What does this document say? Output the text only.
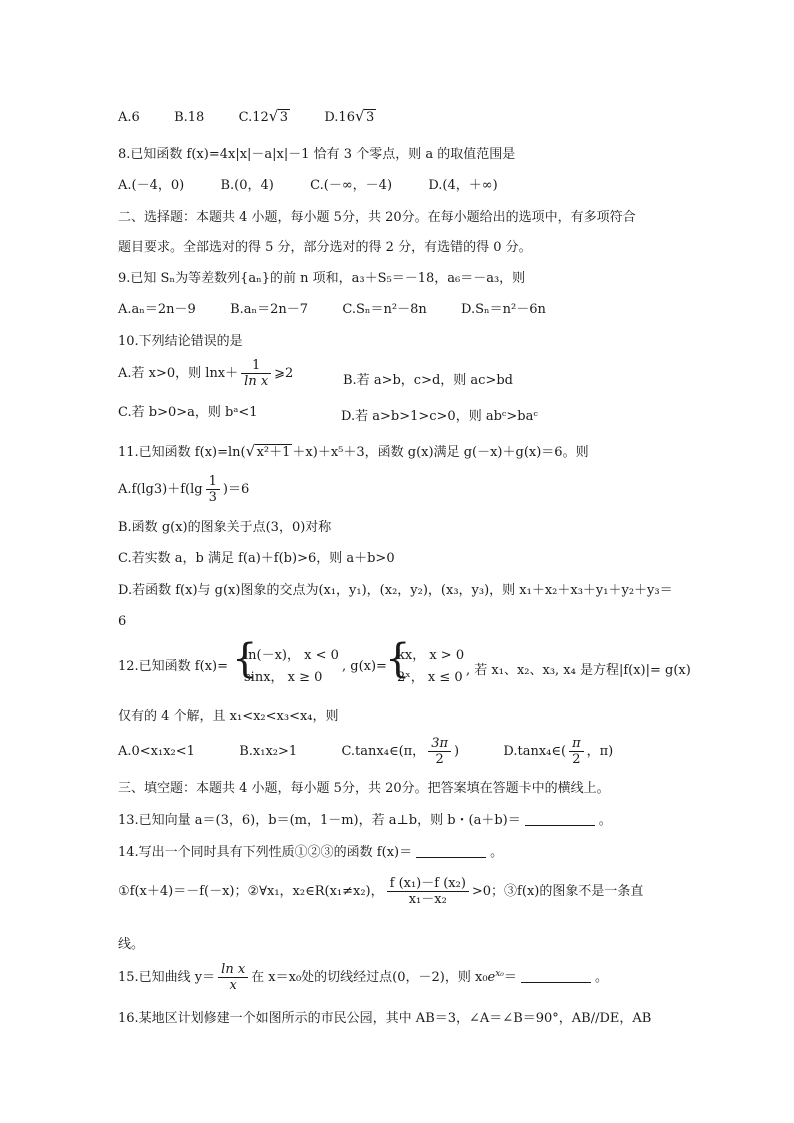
A.6	B.18	C.12 √ 3	D.16 √ 3
8.已知函数 f(x)=4x|x|－a|x|－1 恰有 3 个零点，则 a 的取值范围是
A.(－4，0)	B.(0，4)	C.(－∞，－4)	D.(4，＋∞)
二、选择题：本题共 4 小题，每小题 5分，共 20分。在每小题给出的选项中，有多项符合
题目要求。全部选对的得 5 分，部分选对的得 2 分，有选错的得 0 分。
9.已知 Sₙ为等差数列{aₙ}的前 n 项和，a₃＋S₅＝－18，a₆＝－a₃，则
A.aₙ＝2n－9	B.aₙ＝2n－7	C.Sₙ＝n²－8n	D.Sₙ＝n²－6n
10.下列结论错误的是
A.若 x>0，则 $\ln x+ \frac{1}{\text{ln x}}$ ⩾2	B.若 a>b，c>d，则 ac>bd
C.若 b>0>a，则 bᵃ<1	D.若 a>b>1>c>0，则 abᶜ>baᶜ
11.已知函数 f(x)=ln( √ x²＋1 ＋x)＋x⁵＋3，函数 g(x)满足 g(－x)＋g(x)＝6。则
$A.f(\lg 3)+f(\lg \frac{1}{3} )=6$
B.函数 g(x)的图象关于点(3，0)对称
C.若实数 a，b 满足 f(a)＋f(b)>6，则 a＋b>0
D.若函数 f(x)与 g(x)图象的交点为(x₁，y₁)，(x₂，y₂)，(x₃，y₃)，则 x₁＋x₂＋x₃＋y₁＋y₂＋y₃＝
6
12.已知函数 f(x)= {
ln(－x)， x < 0
sinx， x ≥ 0
, g(x)=
{
kx， x > 0
2ˣ， x ≤ 0 , 若 x₁、x₂、x₃, x₄ 是方程|f(x)|= g(x)
仅有的 4 个解，且 x₁<x₂<x₃<x₄，则
A.0<x₁x₂<1	B.x₁x₂>1	C.tanx₄∈(π， $\frac{3\pi}{2}$ )	D.tanx₄∈( $\frac{\pi}{2}$ ，π)
三、填空题：本题共 4 小题，每小题 5分，共 20分。把答案填在答题卡中的横线上。
13.已知向量 a＝(3，6)，b＝(m，1－m)，若 a⊥b，则 b・(a＋b)＝	。
14.写出一个同时具有下列性质①②③的函数 f(x)＝	。
①f(x＋4)＝－f(－x)；②∀x₁，x₂∈R(x₁≠x₂)， $\frac{\text{f (x₁)－f (x₂)}}{\text{x₁－x₂}} >0$；③f(x)的图象不是一条直
线。
15.已知曲线 $y= \frac{\text{ln x}}{x}$ 在 x＝x₀处的切线经过点(0，－2)，则 $x_0e^{x_0}=$	。
16.某地区计划修建一个如图所示的市民公园，其中 AB＝3，∠A＝∠B＝90°，AB//DE，AB
